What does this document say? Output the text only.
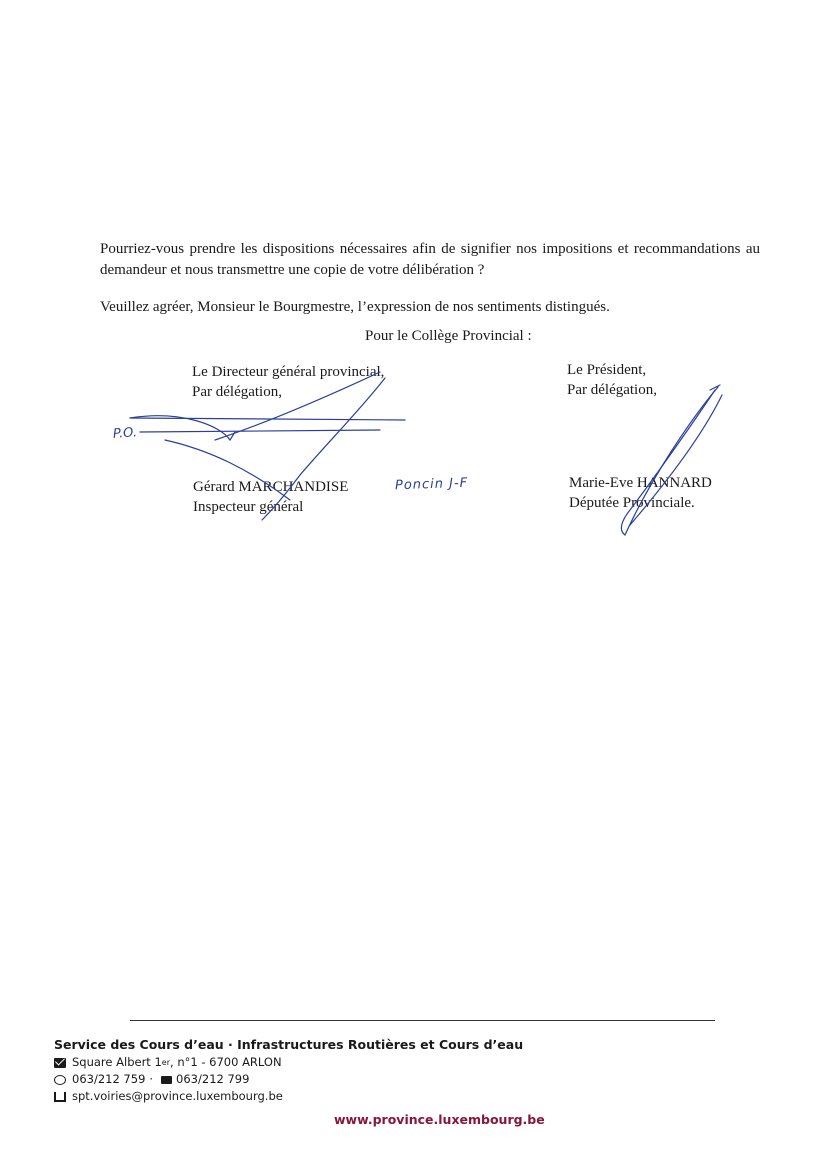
Pourriez-vous prendre les dispositions nécessaires afin de signifier nos impositions et recommandations au demandeur et nous transmettre une copie de votre délibération ?
Veuillez agréer, Monsieur le Bourgmestre, l’expression de nos sentiments distingués.
Pour le Collège Provincial :
Le Directeur général provincial,
Par délégation,
Le Président,
Par délégation,
Gérard MARCHANDISE
Inspecteur général
Marie-Eve HANNARD
Députée Provinciale.
P.O.
Poncin J-F
Service des Cours d’eau · Infrastructures Routières et Cours d’eau
Square Albert 1 er , n°1 - 6700 ARLON
063/212 759 · 063/212 799
spt.voiries@province.luxembourg.be
www.province.luxembourg.be
